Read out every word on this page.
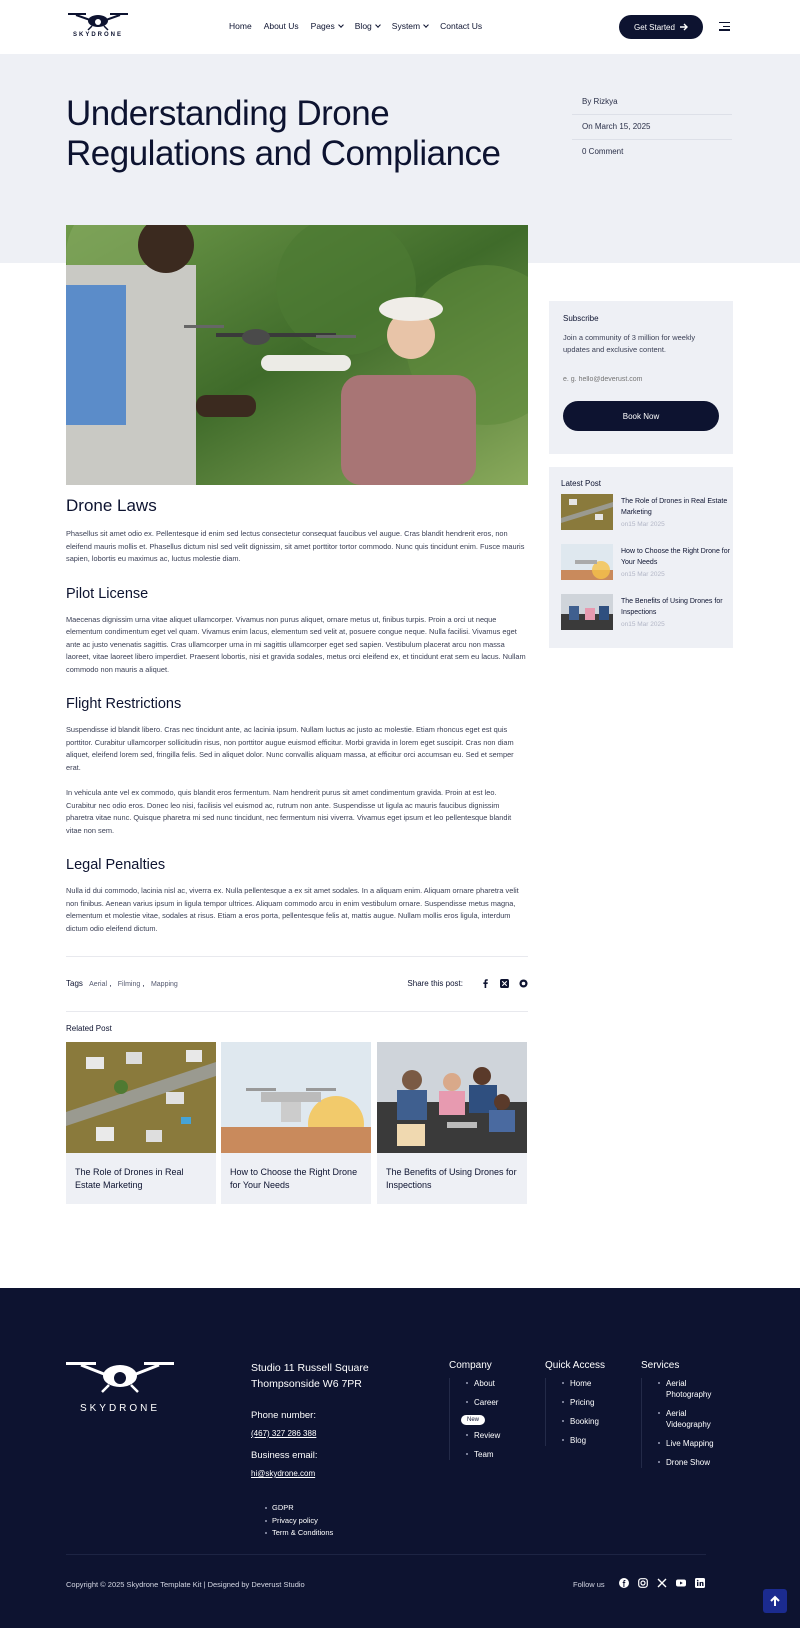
SKYDRONE
Home About Us Pages	Blog	System	Contact Us	Get Started
Understanding Drone Regulations and Compliance
By Rizkya
On March 15, 2025
0 Comment
Drone Laws

Phasellus sit amet odio ex. Pellentesque id enim sed lectus consectetur consequat faucibus vel augue. Cras blandit hendrerit eros, non eleifend mauris mollis et. Phasellus dictum nisl sed velit dignissim, sit amet porttitor tortor commodo. Nunc quis tincidunt enim. Fusce mauris sapien, lobortis eu maximus ac, luctus molestie diam.

Pilot License

Maecenas dignissim urna vitae aliquet ullamcorper. Vivamus non purus aliquet, ornare metus ut, finibus turpis. Proin a orci ut neque elementum condimentum eget vel quam. Vivamus enim lacus, elementum sed velit at, posuere congue neque. Nulla facilisi. Vivamus eget ante ac justo venenatis sagittis. Cras ullamcorper urna in mi sagittis ullamcorper eget sed sapien. Vestibulum placerat arcu non massa laoreet, vitae laoreet libero imperdiet. Praesent lobortis, nisi et gravida sodales, metus orci eleifend ex, et tincidunt erat sem eu lacus. Nullam commodo non mauris a aliquet.

Flight Restrictions

Suspendisse id blandit libero. Cras nec tincidunt ante, ac lacinia ipsum. Nullam luctus ac justo ac molestie. Etiam rhoncus eget est quis porttitor. Curabitur ullamcorper sollicitudin risus, non porttitor augue euismod efficitur. Morbi gravida in lorem eget suscipit. Cras non diam aliquet, eleifend lorem sed, fringilla felis. Sed in aliquet dolor. Nunc convallis aliquam massa, at efficitur orci accumsan eu. Sed et semper erat.

In vehicula ante vel ex commodo, quis blandit eros fermentum. Nam hendrerit purus sit amet condimentum gravida. Proin at est leo. Curabitur nec odio eros. Donec leo nisi, facilisis vel euismod ac, rutrum non ante. Suspendisse ut ligula ac mauris faucibus dignissim pharetra vitae nunc. Quisque pharetra mi sed nunc tincidunt, nec fermentum nisi viverra. Vivamus eget ipsum et leo pellentesque blandit vitae non sem.

Legal Penalties

Nulla id dui commodo, lacinia nisl ac, viverra ex. Nulla pellentesque a ex sit amet sodales. In a aliquam enim. Aliquam ornare pharetra velit non finibus. Aenean varius ipsum in ligula tempor ultrices. Aliquam commodo arcu in enim vestibulum ornare. Suspendisse metus magna, elementum et molestie vitae, sodales at risus. Etiam a eros porta, pellentesque felis at, mattis augue. Nullam mollis eros ligula, interdum dictum odio eleifend dictum.

Tags Aerial , Filming , Mapping	Share this post:
Related Post
The Role of Drones in Real Estate Marketing
How to Choose the Right Drone for Your Needs
The Benefits of Using Drones for Inspections
Subscribe
Join a community of 3 million for weekly updates and exclusive content.
e. g. hello@deverust.com
Book Now
Latest Post
The Role of Drones in Real Estate Marketing
on15 Mar 2025
How to Choose the Right Drone for Your Needs
on15 Mar 2025
The Benefits of Using Drones for Inspections
on15 Mar 2025
SKYDRONE
Studio 11 Russell Square
Thompsonside W6 7PR
Phone number:
(467) 327 286 388
Business email:
hi@skydrone.com
Company
About
Career
Review
Team
New
Quick Access
Home
Pricing
Booking
Blog
Services
Aerial Photography
Aerial Videography
Live Mapping
Drone Show
GDPR
Privacy policy
Term & Conditions
Copyright © 2025 Skydrone Template Kit | Designed by Deverust Studio	Follow us
